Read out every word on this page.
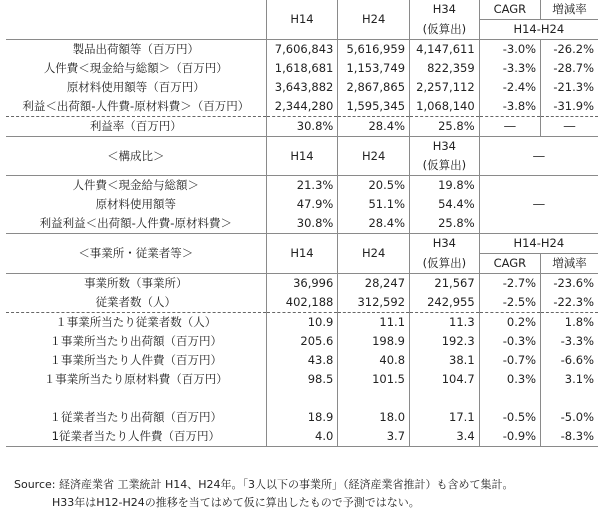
	H14	H24	H34	CAGR	増減率
			(仮算出)	H14-H24	
製品出荷額等（百万円）	7,606,843	5,616,959	4,147,611	-3.0%	-26.2%
人件費＜現金給与総額＞（百万円）	1,618,681	1,153,749	822,359	-3.3%	-28.7%
原材料使用額等（百万円）	3,643,882	2,867,865	2,257,112	-2.4%	-21.3%
利益＜出荷額-人件費-原材料費＞（百万円）	2,344,280	1,595,345	1,068,140	-3.8%	-31.9%
利益率（百万円）	30.8%	28.4%	25.8%	―	―
＜構成比＞	H14	H24	H34	―	
			(仮算出)		
人件費＜現金給与総額＞	21.3%	20.5%	19.8%	―	
原材料使用額等	47.9%	51.1%	54.4%		
利益利益＜出荷額-人件費-原材料費＞	30.8%	28.4%	25.8%		
＜事業所・従業者等＞	H14	H24	H34	H14-H24	
			(仮算出)	CAGR	増減率
事業所数（事業所）	36,996	28,247	21,567	-2.7%	-23.6%
従業者数（人）	402,188	312,592	242,955	-2.5%	-22.3%
１事業所当たり従業者数（人）	10.9	11.1	11.3	0.2%	1.8%
１事業所当たり出荷額（百万円）	205.6	198.9	192.3	-0.3%	-3.3%
１事業所当たり人件費（百万円）	43.8	40.8	38.1	-0.7%	-6.6%
１事業所当たり原材料費（百万円）	98.5	101.5	104.7	0.3%	3.1%

１従業者当たり出荷額（百万円）	18.9	18.0	17.1	-0.5%	-5.0%
1従業者当たり人件費（百万円）	4.0	3.7	3.4	-0.9%	-8.3%
Source: 経済産業省 工業統計 H14、H24年。「3人以下の事業所」（経済産業省推計）も含めて集計。
H33年はH12-H24の推移を当てはめて仮に算出したもので予測ではない。
